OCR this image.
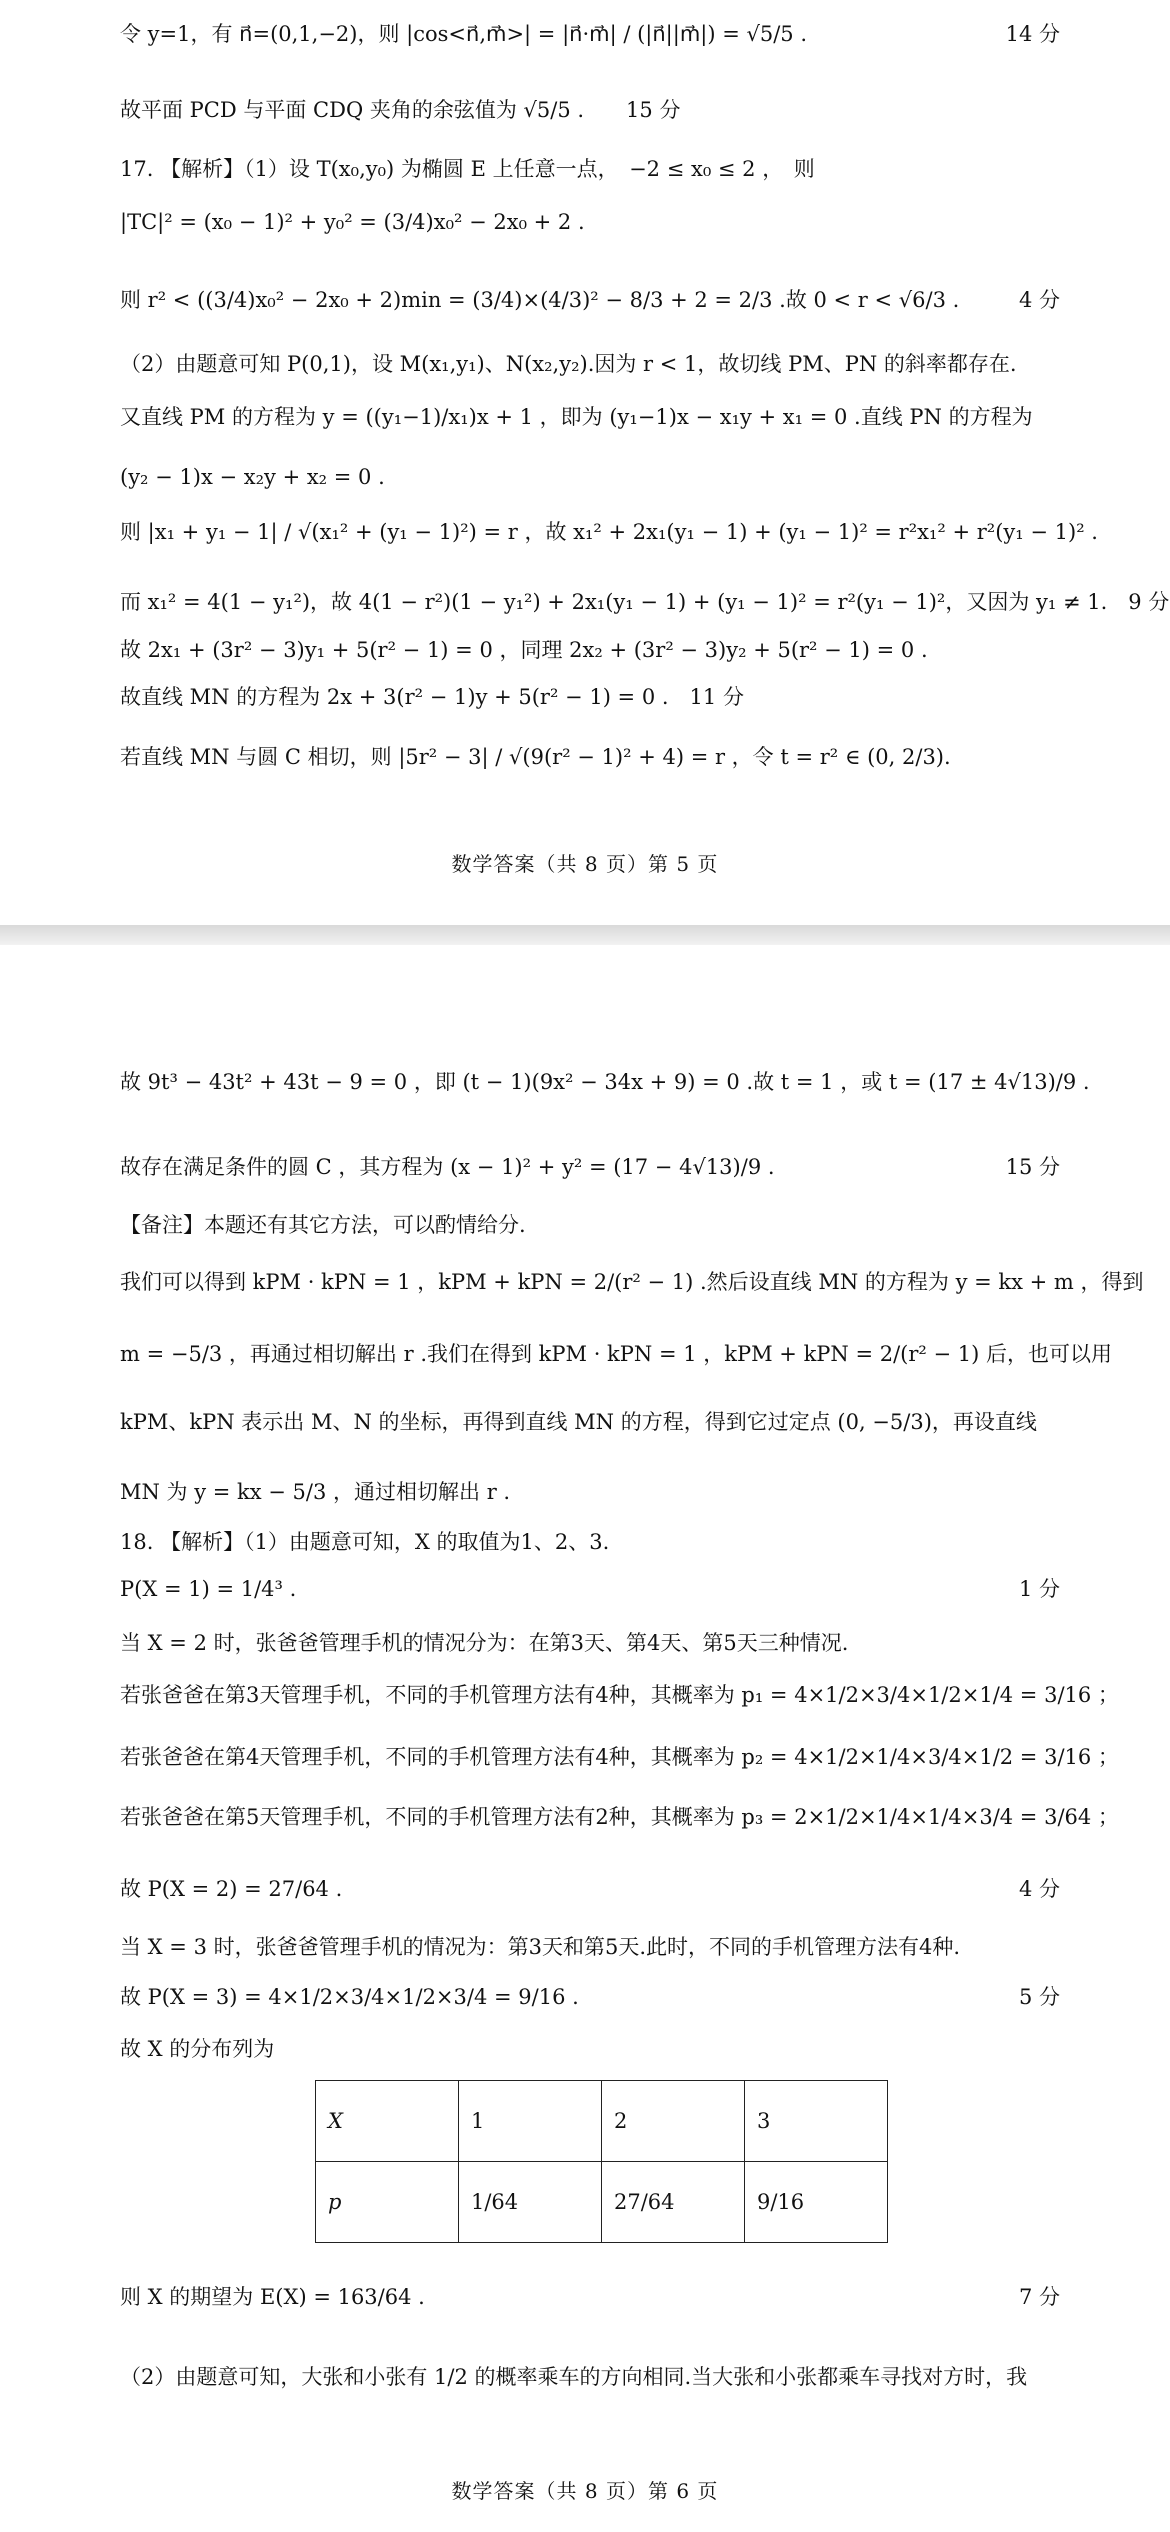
令 y=1，有 n⃗=(0,1,−2)，则 |cos<n⃗,m⃗>| = |n⃗·m⃗| / (|n⃗||m⃗|) = √5/5 .	14 分
故平面 PCD 与平面 CDQ 夹角的余弦值为 √5/5 .　　15 分
17. 【解析】（1）设 T(x₀,y₀) 为椭圆 E 上任意一点，　−2 ≤ x₀ ≤ 2 ，　则
|TC|² = (x₀ − 1)² + y₀² = (3/4)x₀² − 2x₀ + 2 .
则 r² < ((3/4)x₀² − 2x₀ + 2)min = (3/4)×(4/3)² − 8/3 + 2 = 2/3 .故 0 < r < √6/3 .	4 分
（2）由题意可知 P(0,1)，设 M(x₁,y₁)、N(x₂,y₂).因为 r < 1，故切线 PM、PN 的斜率都存在.
又直线 PM 的方程为 y = ((y₁−1)/x₁)x + 1 ，即为 (y₁−1)x − x₁y + x₁ = 0 .直线 PN 的方程为
(y₂ − 1)x − x₂y + x₂ = 0 .
则 |x₁ + y₁ − 1| / √(x₁² + (y₁ − 1)²) = r ，故 x₁² + 2x₁(y₁ − 1) + (y₁ − 1)² = r²x₁² + r²(y₁ − 1)² .
而 x₁² = 4(1 − y₁²)，故 4(1 − r²)(1 − y₁²) + 2x₁(y₁ − 1) + (y₁ − 1)² = r²(y₁ − 1)²，又因为 y₁ ≠ 1.　9 分
故 2x₁ + (3r² − 3)y₁ + 5(r² − 1) = 0 ，同理 2x₂ + (3r² − 3)y₂ + 5(r² − 1) = 0 .
故直线 MN 的方程为 2x + 3(r² − 1)y + 5(r² − 1) = 0 .　11 分
若直线 MN 与圆 C 相切，则 |5r² − 3| / √(9(r² − 1)² + 4) = r ，令 t = r² ∈ (0, 2/3).
数学答案（共 8 页）第 5 页
故 9t³ − 43t² + 43t − 9 = 0 ，即 (t − 1)(9x² − 34x + 9) = 0 .故 t = 1 ，或 t = (17 ± 4√13)/9 .
故存在满足条件的圆 C ，其方程为 (x − 1)² + y² = (17 − 4√13)/9 .	15 分
【备注】本题还有其它方法，可以酌情给分.
我们可以得到 kPM · kPN = 1 ，kPM + kPN = 2/(r² − 1) .然后设直线 MN 的方程为 y = kx + m ，得到
m = −5/3 ，再通过相切解出 r .我们在得到 kPM · kPN = 1 ，kPM + kPN = 2/(r² − 1) 后，也可以用
kPM、kPN 表示出 M、N 的坐标，再得到直线 MN 的方程，得到它过定点 (0, −5/3)，再设直线
MN 为 y = kx − 5/3 ，通过相切解出 r .
18. 【解析】（1）由题意可知，X 的取值为1、2、3.
P(X = 1) = 1/4³ .	1 分
当 X = 2 时，张爸爸管理手机的情况分为：在第3天、第4天、第5天三种情况.
若张爸爸在第3天管理手机，不同的手机管理方法有4种，其概率为 p₁ = 4×1/2×3/4×1/2×1/4 = 3/16 ；
若张爸爸在第4天管理手机，不同的手机管理方法有4种，其概率为 p₂ = 4×1/2×1/4×3/4×1/2 = 3/16 ；
若张爸爸在第5天管理手机，不同的手机管理方法有2种，其概率为 p₃ = 2×1/2×1/4×1/4×3/4 = 3/64 ；
故 P(X = 2) = 27/64 .	4 分
当 X = 3 时，张爸爸管理手机的情况为：第3天和第5天.此时，不同的手机管理方法有4种.
故 P(X = 3) = 4×1/2×3/4×1/2×3/4 = 9/16 .	5 分
故 X 的分布列为
X	1	2	3
p	1/64	27/64	9/16
则 X 的期望为 E(X) = 163/64 .	7 分
（2）由题意可知，大张和小张有 1/2 的概率乘车的方向相同.当大张和小张都乘车寻找对方时，我
数学答案（共 8 页）第 6 页
